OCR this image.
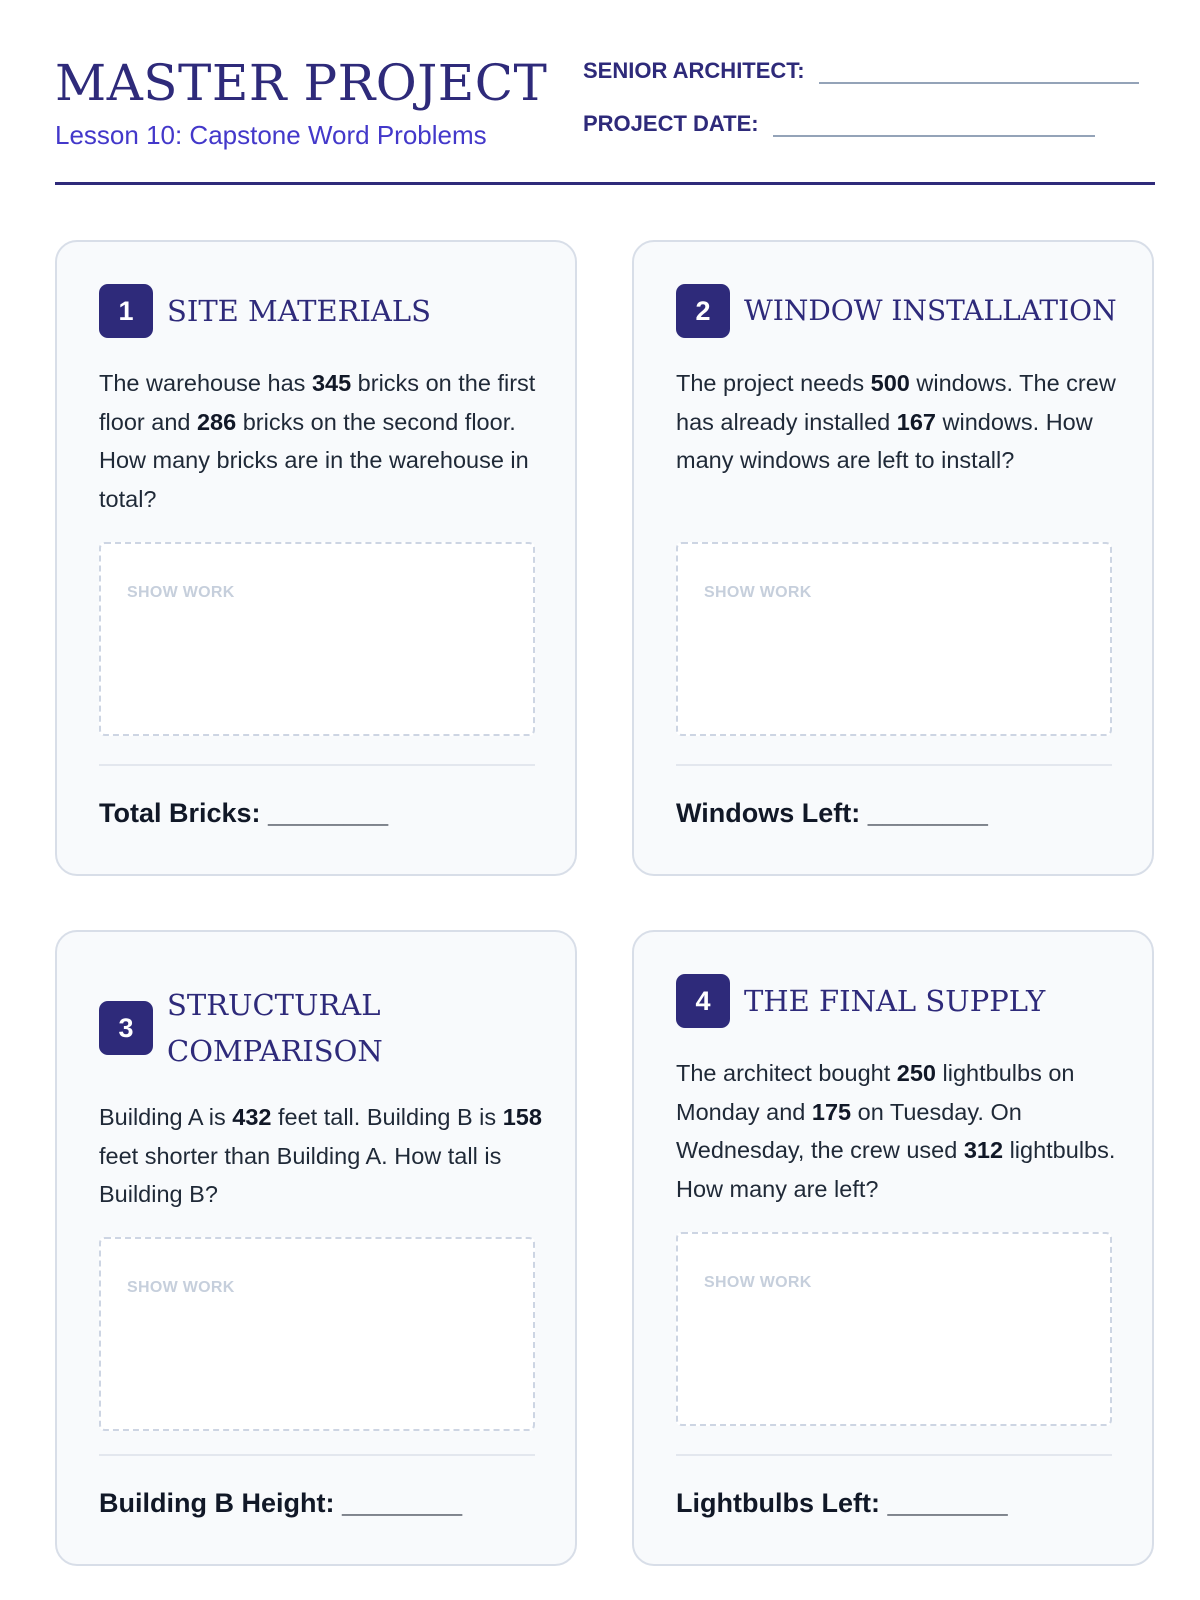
MASTER PROJECT
Lesson 10: Capstone Word Problems
SENIOR ARCHITECT:
PROJECT DATE:
1	SITE MATERIALS

The warehouse has 345 bricks on the first floor and 286 bricks on the second floor. How many bricks are in the warehouse in total?

SHOW WORK
Total Bricks: ________
2	WINDOW INSTALLATION

The project needs 500 windows. The crew has already installed 167 windows. How many windows are left to install?

SHOW WORK
Windows Left: ________
3
STRUCTURAL COMPARISON

Building A is 432 feet tall. Building B is 158 feet shorter than Building A. How tall is Building B?

SHOW WORK
Building B Height: ________
4	THE FINAL SUPPLY

The architect bought 250 lightbulbs on Monday and 175 on Tuesday. On Wednesday, the crew used 312 lightbulbs. How many are left?

SHOW WORK
Lightbulbs Left: ________
